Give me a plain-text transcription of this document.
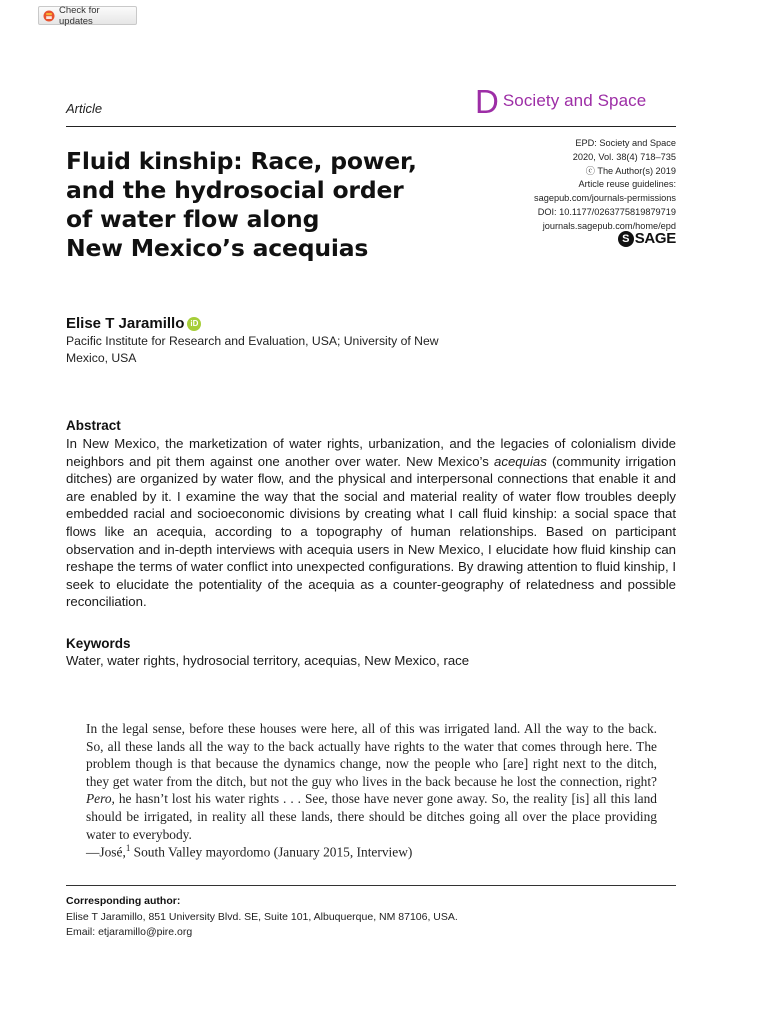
Check for updates
Article	D Society and Space
Fluid kinship: Race, power,
and the hydrosocial order
of water flow along
New Mexico’s acequias
EPD: Society and Space
2020, Vol. 38(4) 718–735
ⓒ The Author(s) 2019
Article reuse guidelines:
sagepub.com/journals-permissions
DOI: 10.1177/0263775819879719
journals.sagepub.com/home/epd
S SAGE
Elise T Jaramillo iD
Pacific Institute for Research and Evaluation, USA; University of New
Mexico, USA
Abstract

In New Mexico, the marketization of water rights, urbanization, and the legacies of colonialism divide neighbors and pit them against one another over water. New Mexico’s acequias (community irrigation ditches) are organized by water flow, and the physical and interpersonal connections that enable it and are enabled by it. I examine the way that the social and material reality of water flow troubles deeply embedded racial and socioeconomic divisions by creating what I call fluid kinship: a social space that flows like an acequia, according to a topography of human relationships. Based on participant observation and in-depth interviews with acequia users in New Mexico, I elucidate how fluid kinship can reshape the terms of water conflict into unexpected configurations. By drawing attention to fluid kinship, I seek to elucidate the potentiality of the acequia as a counter-geography of relatedness and possible reconciliation.

Keywords
Water, water rights, hydrosocial territory, acequias, New Mexico, race

In the legal sense, before these houses were here, all of this was irrigated land. All the way to the back. So, all these lands all the way to the back actually have rights to the water that comes through here. The problem though is that because the dynamics change, now the people who [are] right next to the ditch, they get water from the ditch, but not the guy who lives in the back because he lost the connection, right? Pero, he hasn’t lost his water rights . . . See, those have never gone away. So, the reality [is] all this land should be irrigated, in reality all these lands, there should be ditches going all over the place providing water to everybody.

—José,$^1$ South Valley mayordomo (January 2015, Interview)
Corresponding author:
Elise T Jaramillo, 851 University Blvd. SE, Suite 101, Albuquerque, NM 87106, USA.
Email: etjaramillo@pire.org
